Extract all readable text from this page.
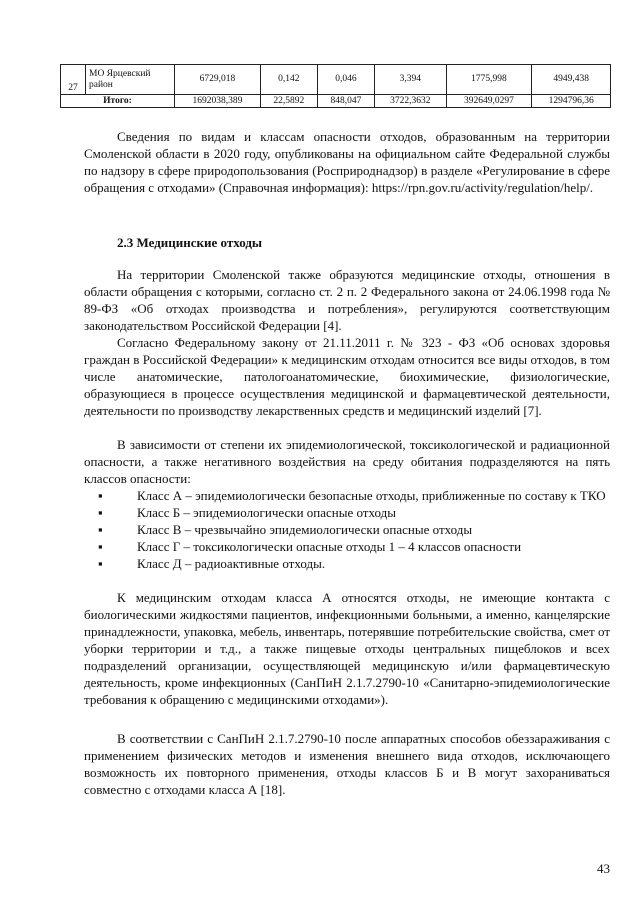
27	МО Ярцевский район	6729,018	0,142	0,046	3,394	1775,998	4949,438
Итого:		1692038,389	22,5892	848,047	3722,3632	392649,0297	1294796,36

Сведения по видам и классам опасности отходов, образованным на территории Смоленской области в 2020 году, опубликованы на официальном сайте Федеральной службы по надзору в сфере природопользования (Росприроднадзор) в разделе «Регулирование в сфере обращения с отходами» (Справочная информация): https://rpn.gov.ru/activity/regulation/help/.

2.3 Медицинские отходы

На территории Смоленской также образуются медицинские отходы, отношения в области обращения с которыми, согласно ст. 2 п. 2 Федерального закона от 24.06.1998 года № 89-ФЗ «Об отходах производства и потребления», регулируются соответствующим законодательством Российской Федерации [4].

Согласно Федеральному закону от 21.11.2011 г. № 323 - ФЗ «Об основах здоровья граждан в Российской Федерации» к медицинским отходам относится все виды отходов, в том числе анатомические, патологоанатомические, биохимические, физиологические, образующиеся в процессе осуществления медицинской и фармацевтической деятельности, деятельности по производству лекарственных средств и медицинский изделий [7].

В зависимости от степени их эпидемиологической, токсикологической и радиационной опасности, а также негативного воздействия на среду обитания подразделяются на пять классов опасности:

▪	Класс А – эпидемиологически безопасные отходы, приближенные по составу к ТКО
▪	Класс Б – эпидемиологически опасные отходы
▪	Класс В – чрезвычайно эпидемиологически опасные отходы
▪	Класс Г – токсикологически опасные отходы 1 – 4 классов опасности
▪	Класс Д – радиоактивные отходы.

К медицинским отходам класса А относятся отходы, не имеющие контакта с биологическими жидкостями пациентов, инфекционными больными, а именно, канцелярские принадлежности, упаковка, мебель, инвентарь, потерявшие потребительские свойства, смет от уборки территории и т.д., а также пищевые отходы центральных пищеблоков и всех подразделений организации, осуществляющей медицинскую и/или фармацевтическую деятельность, кроме инфекционных (СанПиН 2.1.7.2790-10 «Санитарно-эпидемиологические требования к обращению с медицинскими отходами»).

В соответствии с СанПиН 2.1.7.2790-10 после аппаратных способов обеззараживания с применением физических методов и изменения внешнего вида отходов, исключающего возможность их повторного применения, отходы классов Б и В могут захораниваться совместно с отходами класса А [18].

43
